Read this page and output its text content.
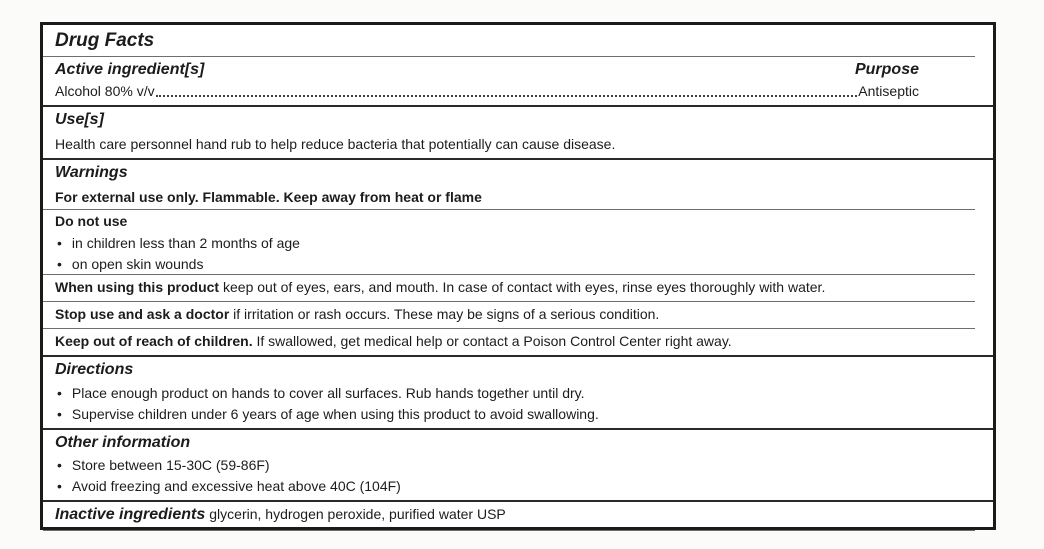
Drug Facts
Active ingredient[s]	Purpose
Alcohol 80% v/v	Antiseptic
Use[s]
Health care personnel hand rub to help reduce bacteria that potentially can cause disease.
Warnings
For external use only. Flammable. Keep away from heat or flame
Do not use
• in children less than 2 months of age
• on open skin wounds
When using this product keep out of eyes, ears, and mouth. In case of contact with eyes, rinse eyes thoroughly with water.
Stop use and ask a doctor if irritation or rash occurs. These may be signs of a serious condition.
Keep out of reach of children. If swallowed, get medical help or contact a Poison Control Center right away.
Directions
• Place enough product on hands to cover all surfaces. Rub hands together until dry.
• Supervise children under 6 years of age when using this product to avoid swallowing.
Other information
• Store between 15-30C (59-86F)
• Avoid freezing and excessive heat above 40C (104F)
Inactive ingredients glycerin, hydrogen peroxide, purified water USP
